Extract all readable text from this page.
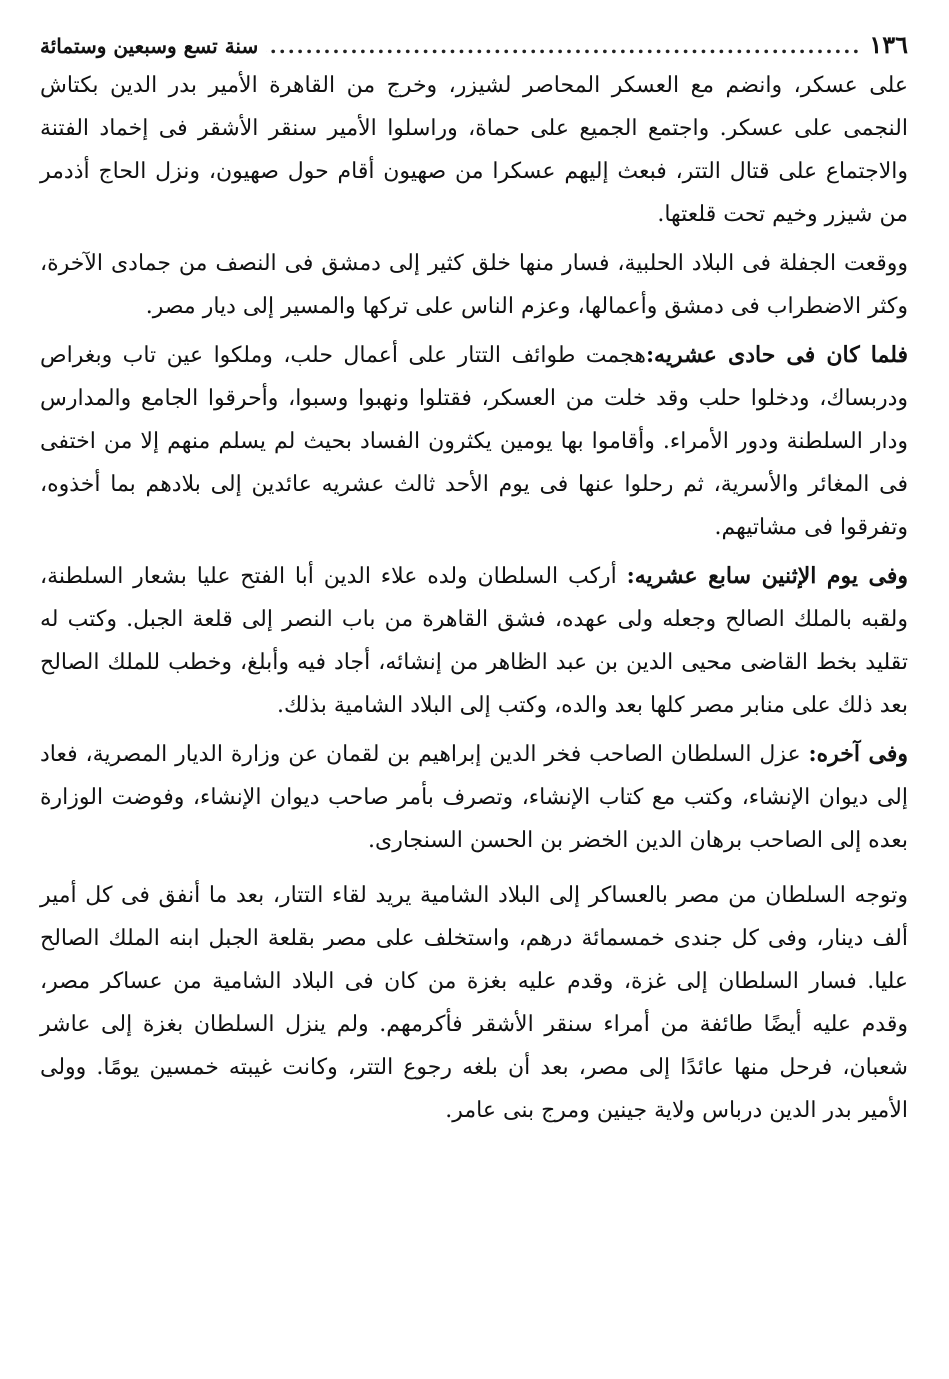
١٣٦
.....
سنة تسع وسبعين وستمائة

على عسكر، وانضم مع العسكر المحاصر لشيزر، وخرج من القاهرة الأمير بدر الدين بكتاش النجمى على عسكر. واجتمع الجميع على حماة، وراسلوا الأمير سنقر الأشقر فى إخماد الفتنة والاجتماع على قتال التتر، فبعث إليهم عسكرا من صهيون أقام حول صهيون، ونزل الحاج أذدمر من شيزر وخيم تحت قلعتها.

ووقعت الجفلة فى البلاد الحلبية، فسار منها خلق كثير إلى دمشق فى النصف من جمادى الآخرة، وكثر الاضطراب فى دمشق وأعمالها، وعزم الناس على تركها والمسير إلى ديار مصر.

فلما كان فى حادى عشريه:هجمت طوائف التتار على أعمال حلب، وملكوا عين تاب وبغراص ودربساك، ودخلوا حلب وقد خلت من العسكر، فقتلوا ونهبوا وسبوا، وأحرقوا الجامع والمدارس ودار السلطنة ودور الأمراء. وأقاموا بها يومين يكثرون الفساد بحيث لم يسلم منهم إلا من اختفى فى المغائر والأسرية، ثم رحلوا عنها فى يوم الأحد ثالث عشريه عائدين إلى بلادهم بما أخذوه، وتفرقوا فى مشاتيهم.

وفى يوم الإثنين سابع عشريه: أركب السلطان ولده علاء الدين أبا الفتح عليا بشعار السلطنة، ولقبه بالملك الصالح وجعله ولى عهده، فشق القاهرة من باب النصر إلى قلعة الجبل. وكتب له تقليد بخط القاضى محيى الدين بن عبد الظاهر من إنشائه، أجاد فيه وأبلغ، وخطب للملك الصالح بعد ذلك على منابر مصر كلها بعد والده، وكتب إلى البلاد الشامية بذلك.

وفى آخره: عزل السلطان الصاحب فخر الدين إبراهيم بن لقمان عن وزارة الديار المصرية، فعاد إلى ديوان الإنشاء، وكتب مع كتاب الإنشاء، وتصرف بأمر صاحب ديوان الإنشاء، وفوضت الوزارة بعده إلى الصاحب برهان الدين الخضر بن الحسن السنجارى.

وتوجه السلطان من مصر بالعساكر إلى البلاد الشامية يريد لقاء التتار، بعد ما أنفق فى كل أمير ألف دينار، وفى كل جندى خمسمائة درهم، واستخلف على مصر بقلعة الجبل ابنه الملك الصالح عليا. فسار السلطان إلى غزة، وقدم عليه بغزة من كان فى البلاد الشامية من عساكر مصر، وقدم عليه أيضًا طائفة من أمراء سنقر الأشقر فأكرمهم. ولم ينزل السلطان بغزة إلى عاشر شعبان، فرحل منها عائدًا إلى مصر، بعد أن بلغه رجوع التتر، وكانت غيبته خمسين يومًا. وولى الأمير بدر الدين درباس ولاية جينين ومرج بنى عامر.
